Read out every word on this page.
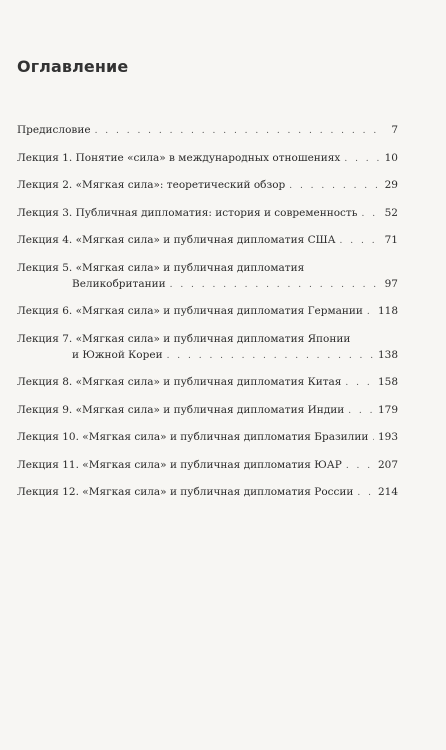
Оглавление
Предисловие . . .	7
Лекция 1. Понятие «сила» в международных отношениях . . .	10
Лекция 2. «Мягкая сила»: теоретический обзор . . .	29
Лекция 3. Публичная дипломатия: история и современность . . .	52
Лекция 4. «Мягкая сила» и публичная дипломатия США . . .	71
Лекция 5. «Мягкая сила» и публичная дипломатия
Великобритании . . .	97
Лекция 6. «Мягкая сила» и публичная дипломатия Германии . . . 118
Лекция 7. «Мягкая сила» и публичная дипломатия Японии
и Южной Кореи . . .	138
Лекция 8. «Мягкая сила» и публичная дипломатия Китая . . .	158
Лекция 9. «Мягкая сила» и публичная дипломатия Индии . . .	179
Лекция 10. «Мягкая сила» и публичная дипломатия Бразилии . . . 193
Лекция 11. «Мягкая сила» и публичная дипломатия ЮАР . . .	207
Лекция 12. «Мягкая сила» и публичная дипломатия России . . . 214
